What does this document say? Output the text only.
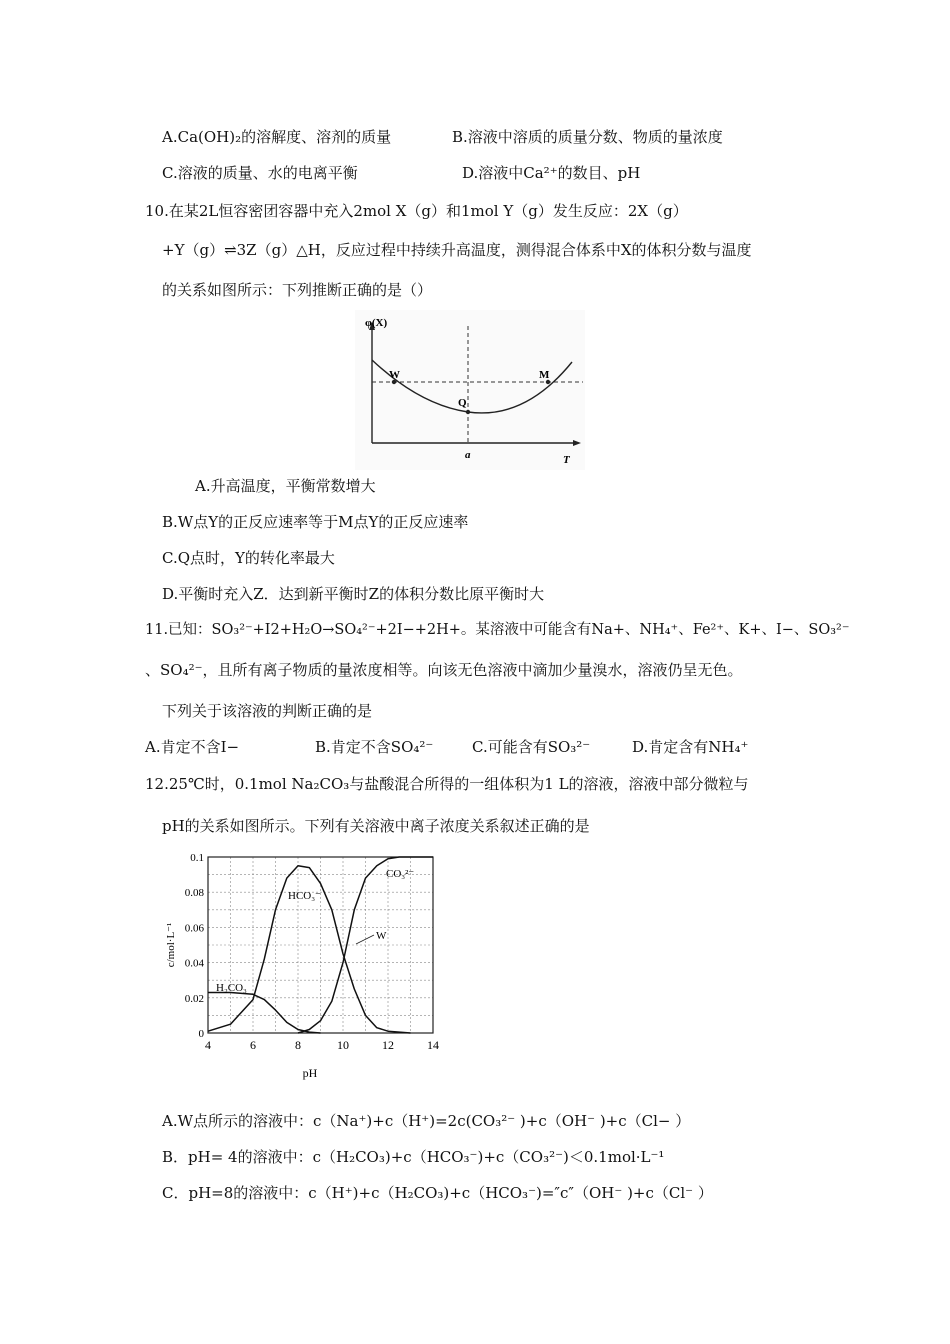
A.Ca(OH)₂的溶解度、溶剂的质量	B.溶液中溶质的质量分数、物质的量浓度
C.溶液的质量、水的电离平衡	D.溶液中Ca²⁺的数目、pH
10.在某2L恒容密团容器中充入2mol X（g）和1mol Y（g）发生反应：2X（g）
+Y（g）⇌3Z（g）△H，反应过程中持续升高温度，测得混合体系中X的体积分数与温度
的关系如图所示：下列推断正确的是（）
φ(X)
W
Q
M
a	T
A.升高温度，平衡常数增大
B.W点Y的正反应速率等于M点Y的正反应速率
C.Q点时，Y的转化率最大
D.平衡时充入Z．达到新平衡时Z的体积分数比原平衡时大
11.已知：SO₃²⁻+I2+H₂O→SO₄²⁻+2I−+2H+。某溶液中可能含有Na+、NH₄⁺、Fe²⁺、K+、I−、SO₃²⁻
、SO₄²⁻，且所有离子物质的量浓度相等。向该无色溶液中滴加少量溴水，溶液仍呈无色。
下列关于该溶液的判断正确的是
A.肯定不含I−	B.肯定不含SO₄²⁻	C.可能含有SO₃²⁻	D.肯定含有NH₄⁺
12.25℃时，0.1mol Na₂CO₃与盐酸混合所得的一组体积为1 L的溶液，溶液中部分微粒与
pH的关系如图所示。下列有关溶液中离子浓度关系叙述正确的是
4	6	8	10	12	14
0
0.02
0.04
0.06
0.08
0.1
H₂CO₃
HCO₃⁻
CO₃²⁻
W
pH
c/mol·L⁻¹
A.W点所示的溶液中：c（Na⁺)+c（H⁺)=2c(CO₃²⁻ )+c（OH⁻ )+c（Cl− ）
B．pH= 4的溶液中：c（H₂CO₃)+c（HCO₃⁻)+c（CO₃²⁻)＜0.1mol·L⁻¹
C．pH=8的溶液中：c（H⁺)+c（H₂CO₃)+c（HCO₃⁻)=″c″（OH⁻ )+c（Cl⁻ ）
